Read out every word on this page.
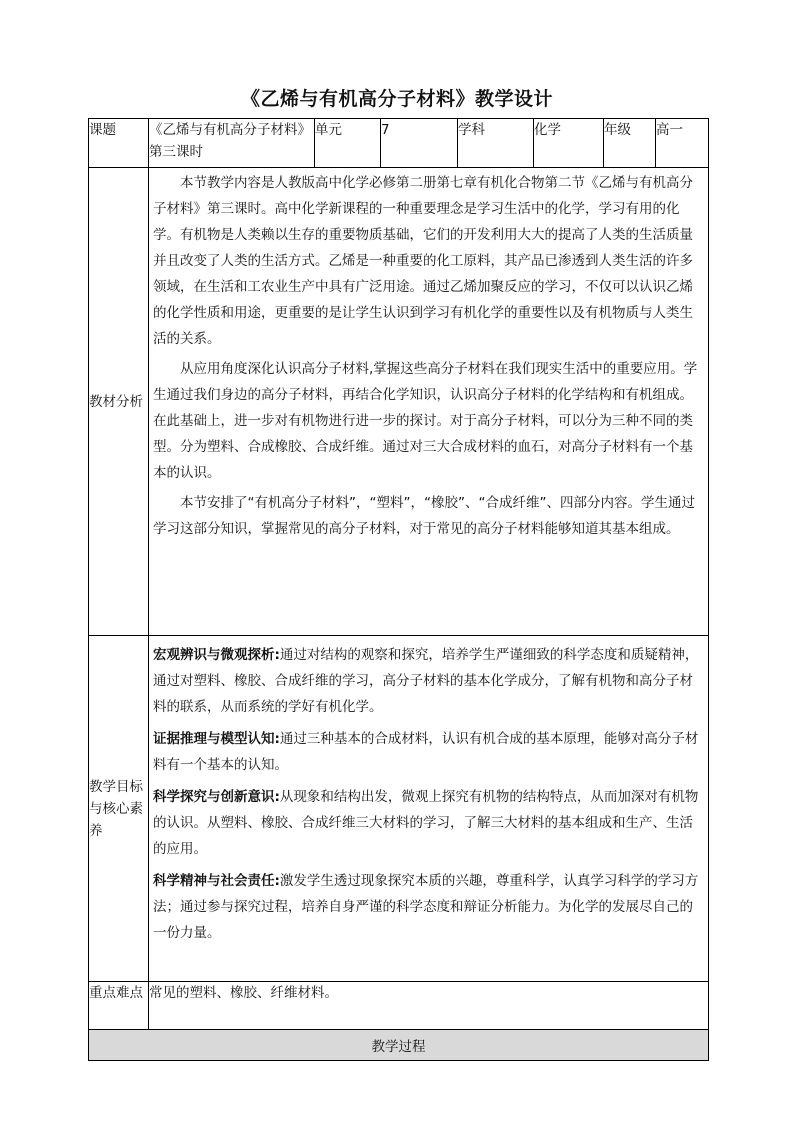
《乙烯与有机高分子材料》教学设计
课题	《乙烯与有机高分子材料》第三课时	单元	7	学科	化学	年级	高一
教材分析	本节教学内容是人教版高中化学必修第二册第七章有机化合物第二节《乙烯与有机高分子材料》第三课时。高中化学新课程的一种重要理念是学习生活中的化学，学习有用的化学。有机物是人类赖以生存的重要物质基础，它们的开发利用大大的提高了人类的生活质量并且改变了人类的生活方式。乙烯是一种重要的化工原料，其产品已渗透到人类生活的许多领域，在生活和工农业生产中具有广泛用途。通过乙烯加聚反应的学习，不仅可以认识乙烯的化学性质和用途，更重要的是让学生认识到学习有机化学的重要性以及有机物质与人类生活的关系。

从应用角度深化认识高分子材料,掌握这些高分子材料在我们现实生活中的重要应用。学生通过我们身边的高分子材料，再结合化学知识，认识高分子材料的化学结构和有机组成。在此基础上，进一步对有机物进行进一步的探讨。对于高分子材料，可以分为三种不同的类型。分为塑料、合成橡胶、合成纤维。通过对三大合成材料的血石，对高分子材料有一个基本的认识。

本节安排了“有机高分子材料”，“塑料”，“橡胶”、“合成纤维”、四部分内容。学生通过学习这部分知识，掌握常见的高分子材料，对于常见的高分子材料能够知道其基本组成。						

教学目标与核心素养	宏观辨识与微观探析:通过对结构的观察和探究，培养学生严谨细致的科学态度和质疑精神，通过对塑料、橡胶、合成纤维的学习，高分子材料的基本化学成分，了解有机物和高分子材料的联系，从而系统的学好有机化学。

证据推理与模型认知:通过三种基本的合成材料，认识有机合成的基本原理，能够对高分子材料有一个基本的认知。

科学探究与创新意识:从现象和结构出发，微观上探究有机物的结构特点，从而加深对有机物的认识。从塑料、橡胶、合成纤维三大材料的学习，了解三大材料的基本组成和生产、生活的应用。

科学精神与社会责任:激发学生透过现象探究本质的兴趣，尊重科学，认真学习科学的学习方法；通过参与探究过程，培养自身严谨的科学态度和辩证分析能力。为化学的发展尽自己的一份力量。						

重点难点	常见的塑料、橡胶、纤维材料。						
教学过程							
